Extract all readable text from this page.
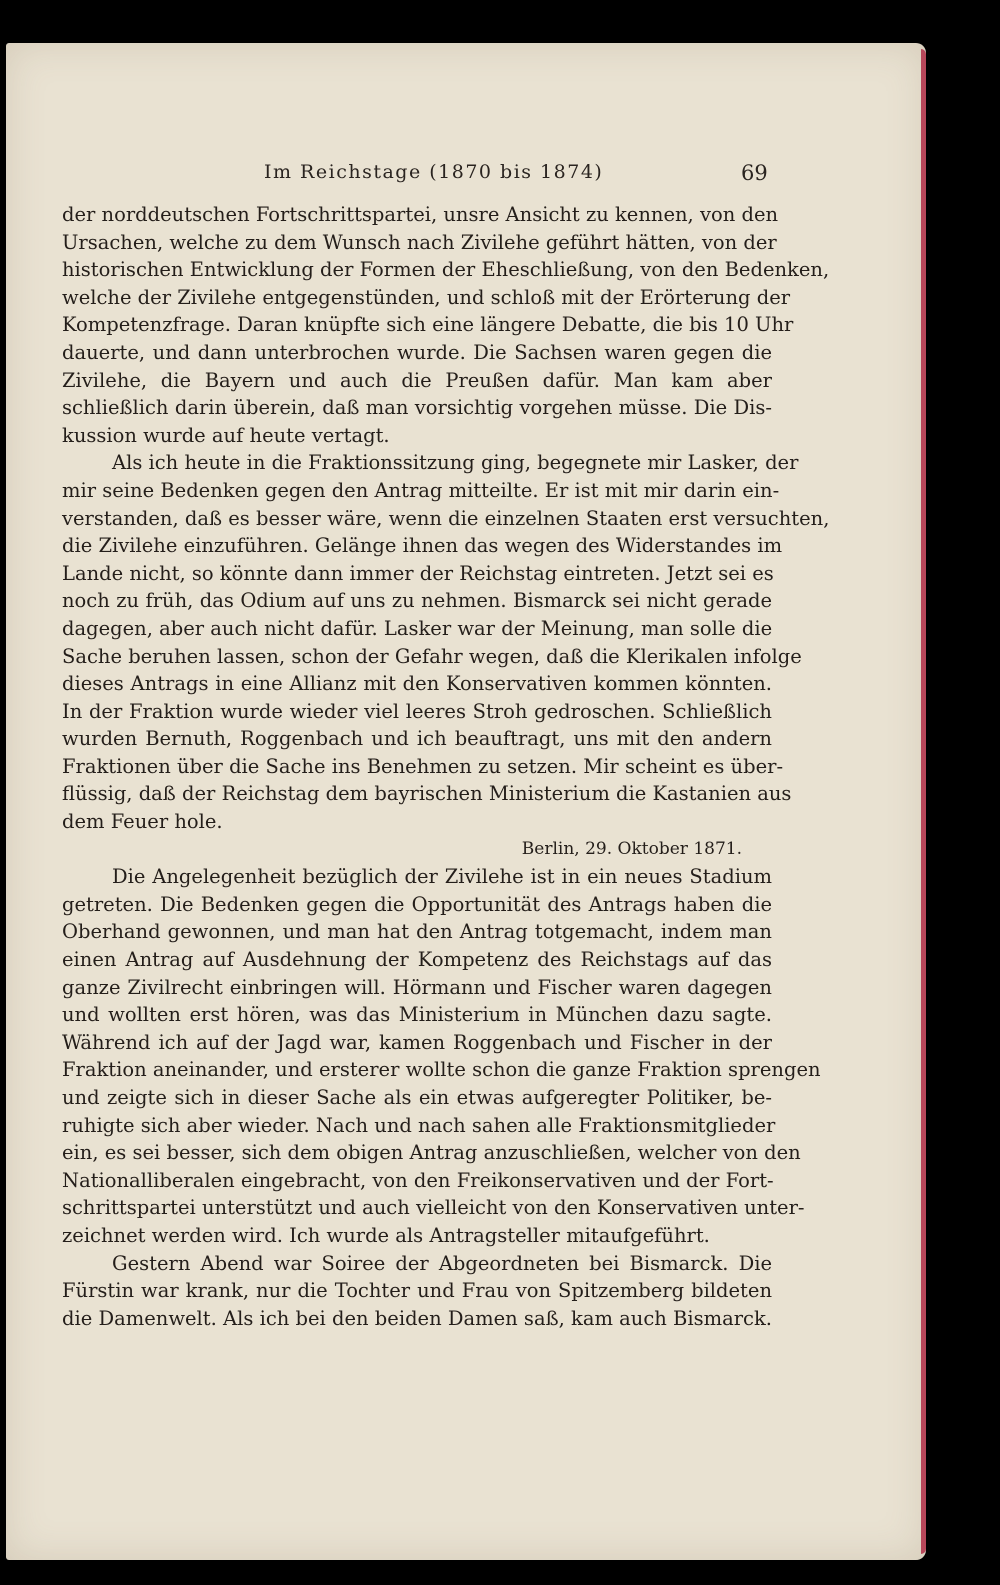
Im Reichstage (1870 bis 1874)	69
der norddeutschen Fortschrittspartei, unsre Ansicht zu kennen, von den
Ursachen, welche zu dem Wunsch nach Zivilehe geführt hätten, von der
historischen Entwicklung der Formen der Eheschließung, von den Bedenken,
welche der Zivilehe entgegenstünden, und schloß mit der Erörterung der
Kompetenzfrage. Daran knüpfte sich eine längere Debatte, die bis 10 Uhr
dauerte, und dann unterbrochen wurde. Die Sachsen waren gegen die
Zivilehe, die Bayern und auch die Preußen dafür. Man kam aber
schließlich darin überein, daß man vorsichtig vorgehen müsse. Die Dis-
kussion wurde auf heute vertagt.
Als ich heute in die Fraktionssitzung ging, begegnete mir Lasker, der
mir seine Bedenken gegen den Antrag mitteilte. Er ist mit mir darin ein-
verstanden, daß es besser wäre, wenn die einzelnen Staaten erst versuchten,
die Zivilehe einzuführen. Gelänge ihnen das wegen des Widerstandes im
Lande nicht, so könnte dann immer der Reichstag eintreten. Jetzt sei es
noch zu früh, das Odium auf uns zu nehmen. Bismarck sei nicht gerade
dagegen, aber auch nicht dafür. Lasker war der Meinung, man solle die
Sache beruhen lassen, schon der Gefahr wegen, daß die Klerikalen infolge
dieses Antrags in eine Allianz mit den Konservativen kommen könnten.
In der Fraktion wurde wieder viel leeres Stroh gedroschen. Schließlich
wurden Bernuth, Roggenbach und ich beauftragt, uns mit den andern
Fraktionen über die Sache ins Benehmen zu setzen. Mir scheint es über-
flüssig, daß der Reichstag dem bayrischen Ministerium die Kastanien aus
dem Feuer hole.
Berlin, 29. Oktober 1871.
Die Angelegenheit bezüglich der Zivilehe ist in ein neues Stadium
getreten. Die Bedenken gegen die Opportunität des Antrags haben die
Oberhand gewonnen, und man hat den Antrag totgemacht, indem man
einen Antrag auf Ausdehnung der Kompetenz des Reichstags auf das
ganze Zivilrecht einbringen will. Hörmann und Fischer waren dagegen
und wollten erst hören, was das Ministerium in München dazu sagte.
Während ich auf der Jagd war, kamen Roggenbach und Fischer in der
Fraktion aneinander, und ersterer wollte schon die ganze Fraktion sprengen
und zeigte sich in dieser Sache als ein etwas aufgeregter Politiker, be-
ruhigte sich aber wieder. Nach und nach sahen alle Fraktionsmitglieder
ein, es sei besser, sich dem obigen Antrag anzuschließen, welcher von den
Nationalliberalen eingebracht, von den Freikonservativen und der Fort-
schrittspartei unterstützt und auch vielleicht von den Konservativen unter-
zeichnet werden wird. Ich wurde als Antragsteller mitaufgeführt.
Gestern Abend war Soiree der Abgeordneten bei Bismarck. Die
Fürstin war krank, nur die Tochter und Frau von Spitzemberg bildeten
die Damenwelt. Als ich bei den beiden Damen saß, kam auch Bismarck.
